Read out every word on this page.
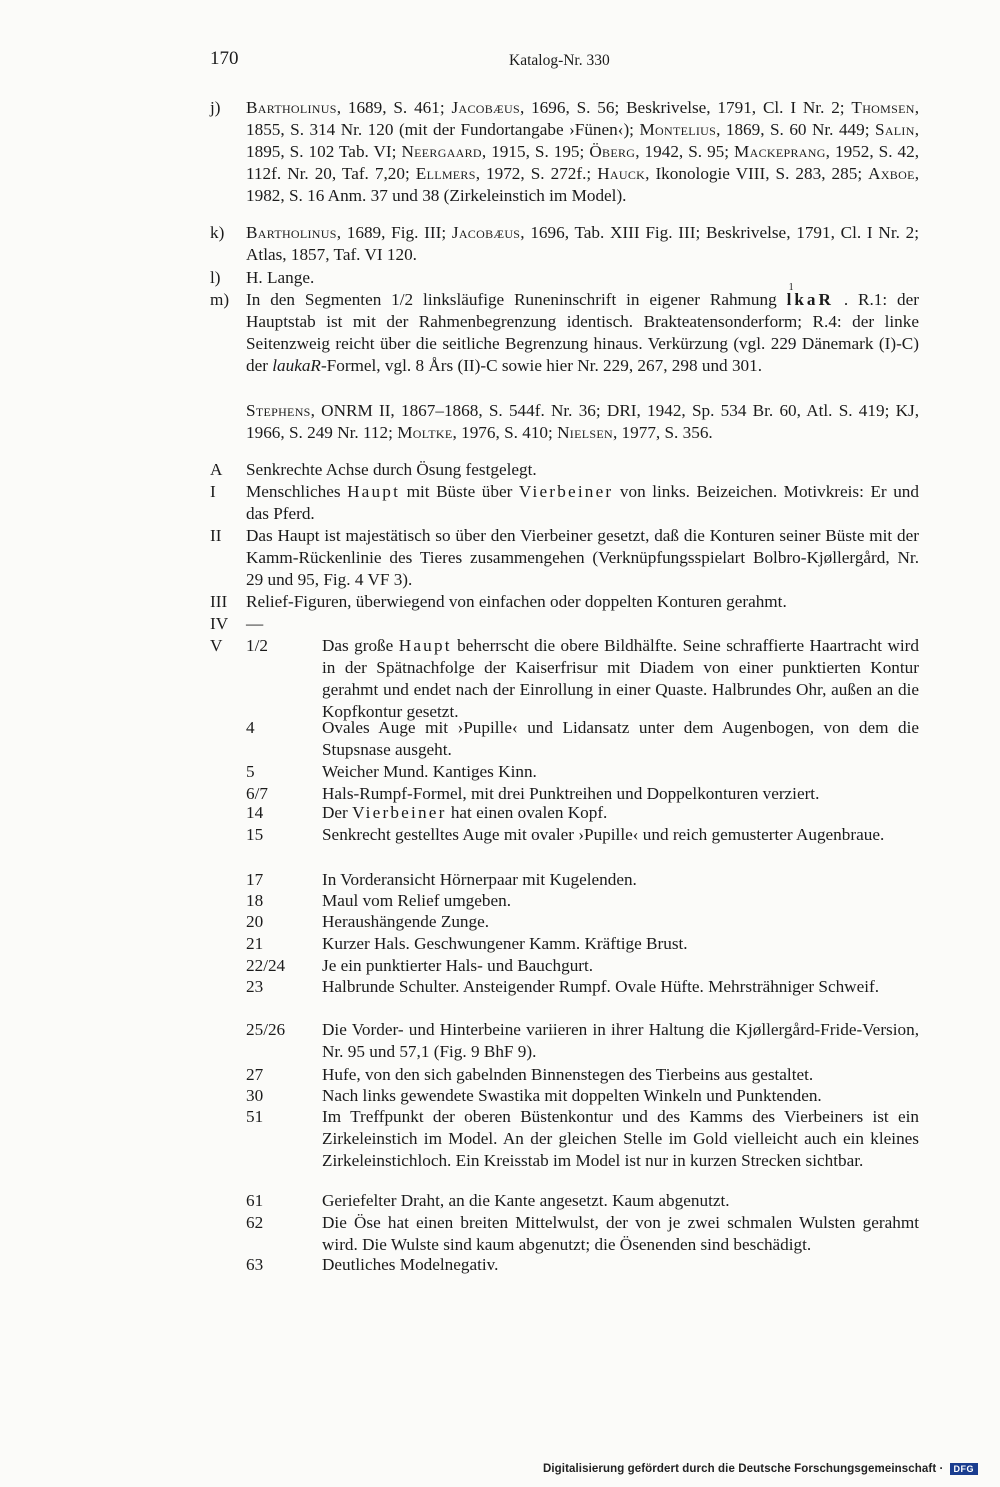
170	Katalog-Nr. 330
j) Bartholinus, 1689, S. 461; Jacobæus, 1696, S. 56; Beskrivelse, 1791, Cl. I Nr. 2; Thomsen, 1855, S. 314 Nr. 120 (mit der Fundortangabe ›Fünen‹); Montelius, 1869, S. 60 Nr. 449; Salin, 1895, S. 102 Tab. VI; Neergaard, 1915, S. 195; Öberg, 1942, S. 95; Mackeprang, 1952, S. 42, 112f. Nr. 20, Taf. 7,20; Ellmers, 1972, S. 272f.; Hauck, Ikonologie VIII, S. 283, 285; Axboe, 1982, S. 16 Anm. 37 und 38 (Zirkeleinstich im Model).
k) Bartholinus, 1689, Fig. III; Jacobæus, 1696, Tab. XIII Fig. III; Beskrivelse, 1791, Cl. I Nr. 2; Atlas, 1857, Taf. VI 120.
l) H. Lange.
m) In den Segmenten 1/2 linksläufige Runeninschrift in eigener Rahmung
1
lkaR . R.1: der Hauptstab ist mit der Rahmenbegrenzung identisch. Brakteatensonderform; R.4: der linke Seitenzweig reicht über die seitliche Begrenzung hinaus. Verkürzung (vgl. 229 Dänemark (I)-C) der laukaR-Formel, vgl. 8 Års (II)-C sowie hier Nr. 229, 267, 298 und 301.
Stephens, ONRM II, 1867–1868, S. 544f. Nr. 36; DRI, 1942, Sp. 534 Br. 60, Atl. S. 419; KJ, 1966, S. 249 Nr. 112; Moltke, 1976, S. 410; Nielsen, 1977, S. 356.
A Senkrechte Achse durch Ösung festgelegt.
I Menschliches Haupt mit Büste über Vierbeiner von links. Beizeichen. Motivkreis: Er und das Pferd.
II Das Haupt ist majestätisch so über den Vierbeiner gesetzt, daß die Konturen seiner Büste mit der Kamm-Rückenlinie des Tieres zusammengehen (Verknüpfungsspielart Bolbro-Kjøllergård, Nr. 29 und 95, Fig. 4 VF 3).
III Relief-Figuren, überwiegend von einfachen oder doppelten Konturen gerahmt.
IV —
V 1/2	Das große Haupt beherrscht die obere Bildhälfte. Seine schraffierte Haartracht wird in der Spätnachfolge der Kaiserfrisur mit Diadem von einer punktierten Kontur gerahmt und endet nach der Einrollung in einer Quaste. Halbrundes Ohr, außen an die Kopfkontur gesetzt.
4	Ovales Auge mit ›Pupille‹ und Lidansatz unter dem Augenbogen, von dem die Stupsnase ausgeht.
5	Weicher Mund. Kantiges Kinn.
6/7	Hals-Rumpf-Formel, mit drei Punktreihen und Doppelkonturen verziert.
14	Der Vierbeiner hat einen ovalen Kopf.
15	Senkrecht gestelltes Auge mit ovaler ›Pupille‹ und reich gemusterter Augenbraue.
17	In Vorderansicht Hörnerpaar mit Kugelenden.
18	Maul vom Relief umgeben.
20	Heraushängende Zunge.
21	Kurzer Hals. Geschwungener Kamm. Kräftige Brust.
22/24 Je ein punktierter Hals- und Bauchgurt.
23	Halbrunde Schulter. Ansteigender Rumpf. Ovale Hüfte. Mehrsträhniger Schweif.
25/26 Die Vorder- und Hinterbeine variieren in ihrer Haltung die Kjøllergård-Fride-Version, Nr. 95 und 57,1 (Fig. 9 BhF 9).
27	Hufe, von den sich gabelnden Binnenstegen des Tierbeins aus gestaltet.
30	Nach links gewendete Swastika mit doppelten Winkeln und Punktenden.
51	Im Treffpunkt der oberen Büstenkontur und des Kamms des Vierbeiners ist ein Zirkeleinstich im Model. An der gleichen Stelle im Gold vielleicht auch ein kleines Zirkeleinstichloch. Ein Kreisstab im Model ist nur in kurzen Strecken sichtbar.
61	Geriefelter Draht, an die Kante angesetzt. Kaum abgenutzt.
62	Die Öse hat einen breiten Mittelwulst, der von je zwei schmalen Wulsten gerahmt wird. Die Wulste sind kaum abgenutzt; die Ösenenden sind beschädigt.
63	Deutliches Modelnegativ.
Digitalisierung gefördert durch die Deutsche Forschungsgemeinschaft ·	DFG
